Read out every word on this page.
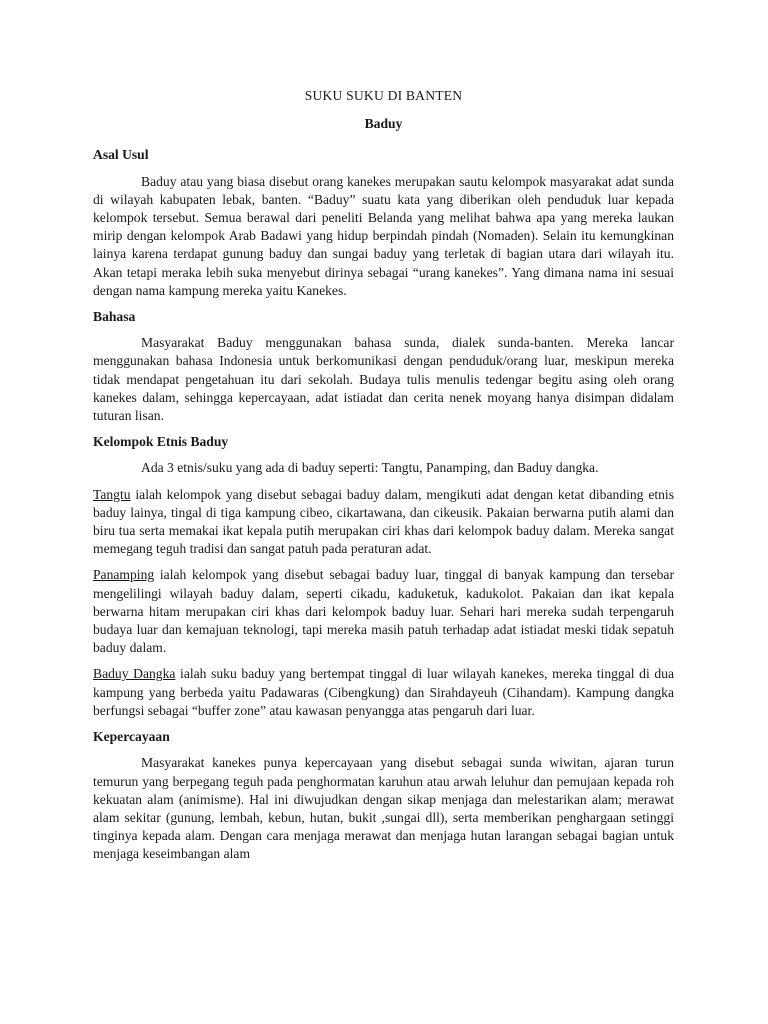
SUKU SUKU DI BANTEN
Baduy
Asal Usul

Baduy atau yang biasa disebut orang kanekes merupakan sautu kelompok masyarakat adat sunda di wilayah kabupaten lebak, banten. “Baduy” suatu kata yang diberikan oleh penduduk luar kepada kelompok tersebut. Semua berawal dari peneliti Belanda yang melihat bahwa apa yang mereka laukan mirip dengan kelompok Arab Badawi yang hidup berpindah pindah (Nomaden). Selain itu kemungkinan lainya karena terdapat gunung baduy dan sungai baduy yang terletak di bagian utara dari wilayah itu. Akan tetapi meraka lebih suka menyebut dirinya sebagai “urang kanekes”. Yang dimana nama ini sesuai dengan nama kampung mereka yaitu Kanekes.

Bahasa

Masyarakat Baduy menggunakan bahasa sunda, dialek sunda-banten. Mereka lancar menggunakan bahasa Indonesia untuk berkomunikasi dengan penduduk/orang luar, meskipun mereka tidak mendapat pengetahuan itu dari sekolah. Budaya tulis menulis tedengar begitu asing oleh orang kanekes dalam, sehingga kepercayaan, adat istiadat dan cerita nenek moyang hanya disimpan didalam tuturan lisan.

Kelompok Etnis Baduy

Ada 3 etnis/suku yang ada di baduy seperti: Tangtu, Panamping, dan Baduy dangka.

Tangtu ialah kelompok yang disebut sebagai baduy dalam, mengikuti adat dengan ketat dibanding etnis baduy lainya, tingal di tiga kampung cibeo, cikartawana, dan cikeusik. Pakaian berwarna putih alami dan biru tua serta memakai ikat kepala putih merupakan ciri khas dari kelompok baduy dalam. Mereka sangat memegang teguh tradisi dan sangat patuh pada peraturan adat.

Panamping ialah kelompok yang disebut sebagai baduy luar, tinggal di banyak kampung dan tersebar mengelilingi wilayah baduy dalam, seperti cikadu, kaduketuk, kadukolot. Pakaian dan ikat kepala berwarna hitam merupakan ciri khas dari kelompok baduy luar. Sehari hari mereka sudah terpengaruh budaya luar dan kemajuan teknologi, tapi mereka masih patuh terhadap adat istiadat meski tidak sepatuh baduy dalam.

Baduy Dangka ialah suku baduy yang bertempat tinggal di luar wilayah kanekes, mereka tinggal di dua kampung yang berbeda yaitu Padawaras (Cibengkung) dan Sirahdayeuh (Cihandam). Kampung dangka berfungsi sebagai “buffer zone” atau kawasan penyangga atas pengaruh dari luar.

Kepercayaan

Masyarakat kanekes punya kepercayaan yang disebut sebagai sunda wiwitan, ajaran turun temurun yang berpegang teguh pada penghormatan karuhun atau arwah leluhur dan pemujaan kepada roh kekuatan alam (animisme). Hal ini diwujudkan dengan sikap menjaga dan melestarikan alam; merawat alam sekitar (gunung, lembah, kebun, hutan, bukit ,sungai dll), serta memberikan penghargaan setinggi tinginya kepada alam. Dengan cara menjaga merawat dan menjaga hutan larangan sebagai bagian untuk menjaga keseimbangan alam
